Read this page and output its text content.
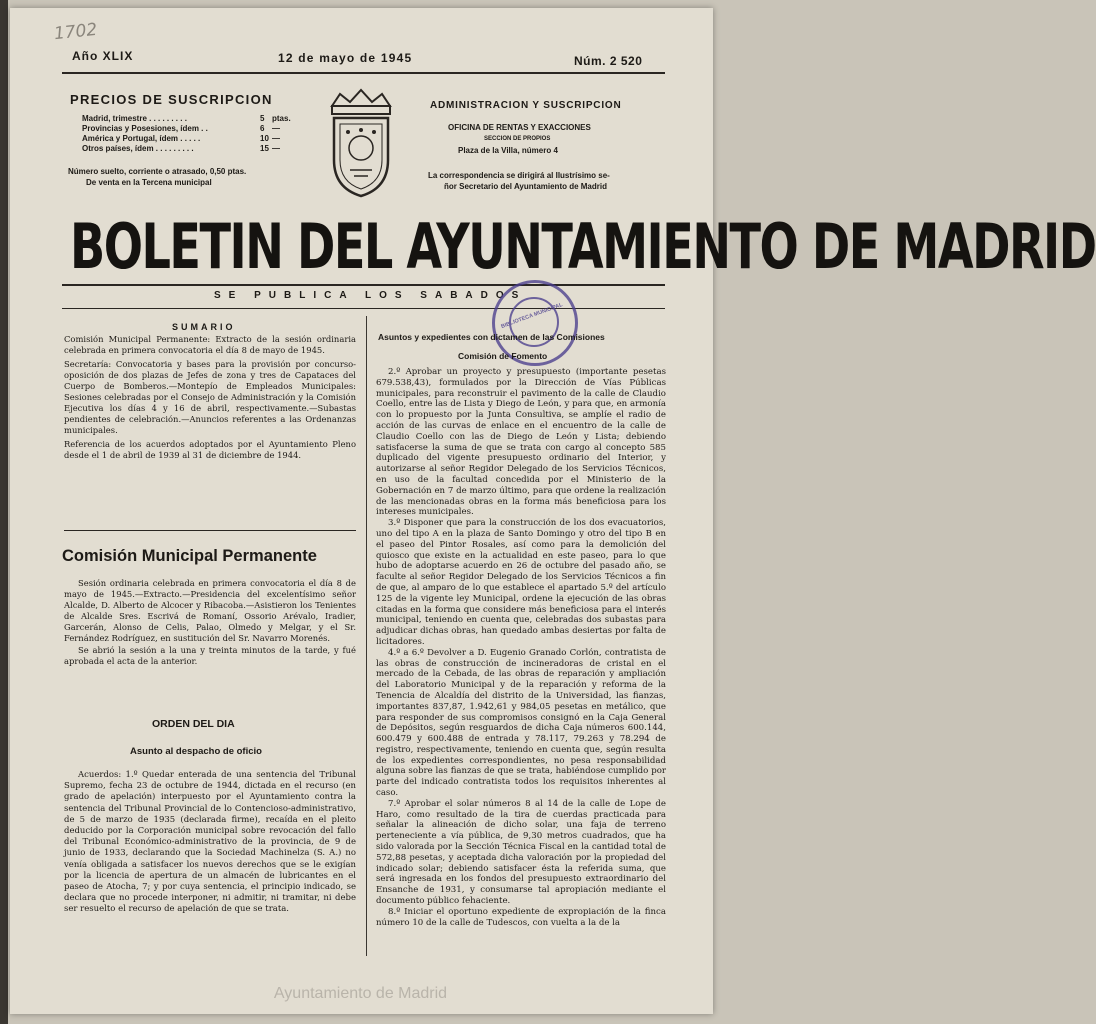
1702
Año XLIX	12 de mayo de 1945	Núm. 2 520
PRECIOS DE SUSCRIPCION
Madrid, trimestre . . . . . . . . .	5 ptas.
Provincias y Posesiones, ídem . .	6 —
América y Portugal, ídem . . . . .	10 —
Otros países, ídem . . . . . . . . .	15 —
Número suelto, corriente o atrasado, 0,50 ptas.
De venta en la Tercena municipal
ADMINISTRACION Y SUSCRIPCION
OFICINA DE RENTAS Y EXACCIONES
SECCION DE PROPIOS
Plaza de la Villa, número 4
La correspondencia se dirigirá al Ilustrísimo se-
ñor Secretario del Ayuntamiento de Madrid
BOLETIN DEL AYUNTAMIENTO DE MADRID
SE PUBLICA LOS SABADOS
BIBLIOTECA MUNICIPAL
SUMARIO

Comisión Municipal Permanente: Extracto de la sesión ordinaria celebrada en primera convocatoria el día 8 de mayo de 1945.

Secretaría: Convocatoria y bases para la provisión por concurso-oposición de dos plazas de Jefes de zona y tres de Capataces del Cuerpo de Bomberos.—Montepío de Empleados Municipales: Sesiones celebradas por el Consejo de Administración y la Comisión Ejecutiva los días 4 y 16 de abril, respectivamente.—Subastas pendientes de celebración.—Anuncios referentes a las Ordenanzas municipales.

Referencia de los acuerdos adoptados por el Ayuntamiento Pleno desde el 1 de abril de 1939 al 31 de diciembre de 1944.

Comisión Municipal Permanente

Sesión ordinaria celebrada en primera convocatoria el día 8 de mayo de 1945.—Extracto.—Presidencia del excelentísimo señor Alcalde, D. Alberto de Alcocer y Ribacoba.—Asistieron los Tenientes de Alcalde Sres. Escrivá de Romaní, Ossorio Arévalo, Iradier, Garcerán, Alonso de Celis, Palao, Olmedo y Melgar, y el Sr. Fernández Rodríguez, en sustitución del Sr. Navarro Morenés.

Se abrió la sesión a la una y treinta minutos de la tarde, y fué aprobada el acta de la anterior.

ORDEN DEL DIA
Asunto al despacho de oficio

Acuerdos: 1.º Quedar enterada de una sentencia del Tribunal Supremo, fecha 23 de octubre de 1944, dictada en el recurso (en grado de apelación) interpuesto por el Ayuntamiento contra la sentencia del Tribunal Provincial de lo Contencioso-administrativo, de 5 de marzo de 1935 (declarada firme), recaída en el pleito deducido por la Corporación municipal sobre revocación del fallo del Tribunal Económico-administrativo de la provincia, de 9 de junio de 1933, declarando que la Sociedad Machinelza (S. A.) no venía obligada a satisfacer los nuevos derechos que se le exigían por la licencia de apertura de un almacén de lubricantes en el paseo de Atocha, 7; y por cuya sentencia, el principio indicado, se declara que no procede interponer, ni admitir, ni tramitar, ni debe ser resuelto el recurso de apelación de que se trata.

Asuntos y expedientes con dictamen de las Comisiones
Comisión de Fomento

2.º Aprobar un proyecto y presupuesto (importante pesetas 679.538,43), formulados por la Dirección de Vías Públicas municipales, para reconstruir el pavimento de la calle de Claudio Coello, entre las de Lista y Diego de León, y para que, en armonía con lo propuesto por la Junta Consultiva, se amplíe el radio de acción de las curvas de enlace en el encuentro de la calle de Claudio Coello con las de Diego de León y Lista; debiendo satisfacerse la suma de que se trata con cargo al concepto 585 duplicado del vigente presupuesto ordinario del Interior, y autorizarse al señor Regidor Delegado de los Servicios Técnicos, en uso de la facultad concedida por el Ministerio de la Gobernación en 7 de marzo último, para que ordene la realización de las mencionadas obras en la forma más beneficiosa para los intereses municipales.

3.º Disponer que para la construcción de los dos evacuatorios, uno del tipo A en la plaza de Santo Domingo y otro del tipo B en el paseo del Pintor Rosales, así como para la demolición del quiosco que existe en la actualidad en este paseo, para lo que hubo de adoptarse acuerdo en 26 de octubre del pasado año, se faculte al señor Regidor Delegado de los Servicios Técnicos a fin de que, al amparo de lo que establece el apartado 5.º del artículo 125 de la vigente ley Municipal, ordene la ejecución de las obras citadas en la forma que considere más beneficiosa para el interés municipal, teniendo en cuenta que, celebradas dos subastas para adjudicar dichas obras, han quedado ambas desiertas por falta de licitadores.

4.º a 6.º Devolver a D. Eugenio Granado Corlón, contratista de las obras de construcción de incineradoras de cristal en el mercado de la Cebada, de las obras de reparación y ampliación del Laboratorio Municipal y de la reparación y reforma de la Tenencia de Alcaldía del distrito de la Universidad, las fianzas, importantes 837,87, 1.942,61 y 984,05 pesetas en metálico, que para responder de sus compromisos consignó en la Caja General de Depósitos, según resguardos de dicha Caja números 600.144, 600.479 y 600.488 de entrada y 78.117, 79.263 y 78.294 de registro, respectivamente, teniendo en cuenta que, según resulta de los expedientes correspondientes, no pesa responsabilidad alguna sobre las fianzas de que se trata, habiéndose cumplido por parte del indicado contratista todos los requisitos inherentes al caso.

7.º Aprobar el solar números 8 al 14 de la calle de Lope de Haro, como resultado de la tira de cuerdas practicada para señalar la alineación de dicho solar, una faja de terreno perteneciente a vía pública, de 9,30 metros cuadrados, que ha sido valorada por la Sección Técnica Fiscal en la cantidad total de 572,88 pesetas, y aceptada dicha valoración por la propiedad del indicado solar; debiendo satisfacer ésta la referida suma, que será ingresada en los fondos del presupuesto extraordinario del Ensanche de 1931, y consumarse tal apropiación mediante el documento público fehaciente.

8.º Iniciar el oportuno expediente de expropiación de la finca número 10 de la calle de Tudescos, con vuelta a la de la

Ayuntamiento de Madrid
